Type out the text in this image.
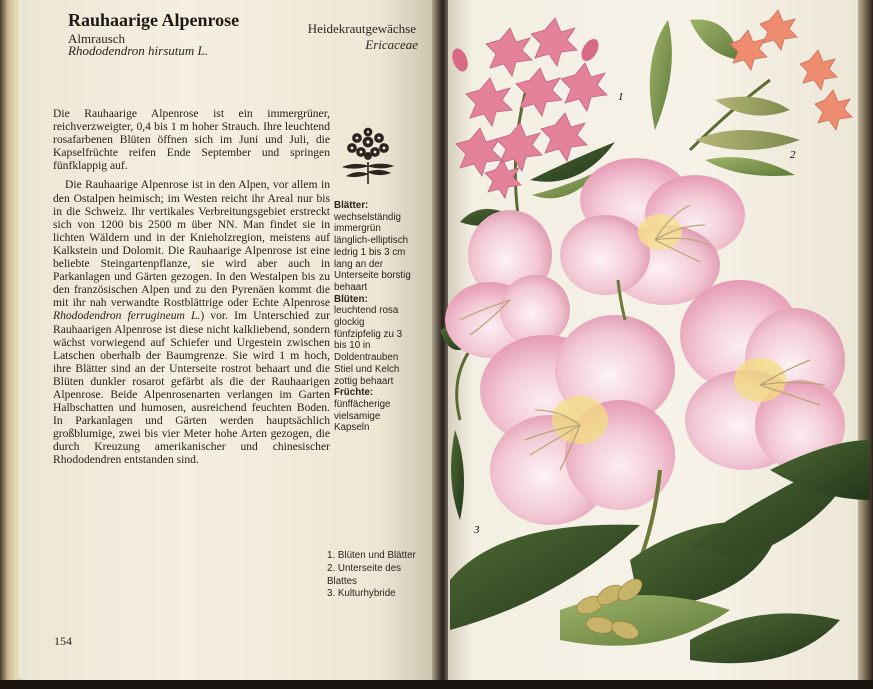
Rauhaarige Alpenrose
Almrausch
Rhododendron hirsutum L.
Heidekrautgewächse
Ericaceae

Die Rauhaarige Alpenrose ist ein immergrüner, reichverzweigter, 0,4 bis 1 m hoher Strauch. Ihre leuchtend rosafarbenen Blüten öffnen sich im Juni und Juli, die Kapselfrüchte reifen Ende September und springen fünfklappig auf.

Die Rauhaarige Alpenrose ist in den Alpen, vor allem in den Ostalpen heimisch; im Westen reicht ihr Areal nur bis in die Schweiz. Ihr vertikales Verbreitungsgebiet erstreckt sich von 1200 bis 2500 m über NN. Man findet sie in lichten Wäldern und in der Knieholzregion, meistens auf Kalkstein und Dolomit. Die Rauhaarige Alpenrose ist eine beliebte Steingartenpflanze, sie wird aber auch in Parkanlagen und Gärten gezogen. In den Westalpen bis zu den französischen Alpen und zu den Pyrenäen kommt die mit ihr nah verwandte Rostblättrige oder Echte Alpenrose Rhododendron ferrugineum L.) vor. Im Unterschied zur Rauhaarigen Alpenrose ist diese nicht kalkliebend, sondern wächst vorwiegend auf Schiefer und Urgestein zwischen Latschen oberhalb der Baumgrenze. Sie wird 1 m hoch, ihre Blätter sind an der Unterseite rostrot behaart und die Blüten dunkler rosarot gefärbt als die der Rauhaarigen Alpenrose. Beide Alpenrosenarten verlangen im Garten Halbschatten und humosen, ausreichend feuchten Boden. In Parkanlagen und Gärten werden hauptsächlich großblumige, zwei bis vier Meter hohe Arten gezogen, die durch Kreuzung amerikanischer und chinesischer Rhododendren entstanden sind.

Blätter:
wechselständig immergrün länglich-elliptisch ledrig 1 bis 3 cm lang an der Unterseite borstig behaart
Blüten:
leuchtend rosa glockig fünfzipfelig zu 3 bis 10 in Doldentrauben Stiel und Kelch zottig behaart
Früchte:
fünffächerige vielsamige Kapseln
1. Blüten und Blätter
2. Unterseite des Blattes
3. Kulturhybride
154
1
2
3
